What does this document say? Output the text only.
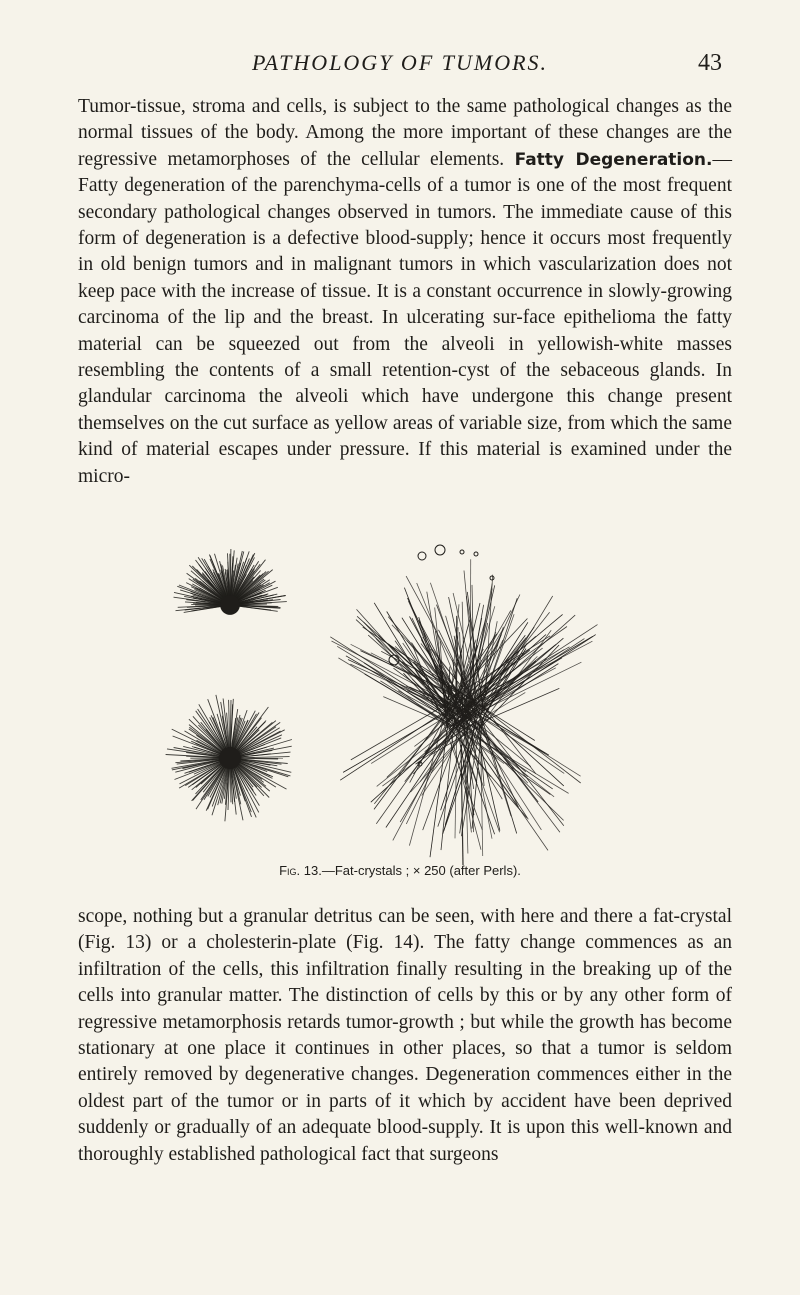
PATHOLOGY OF TUMORS.	43

Tumor-tissue, stroma and cells, is subject to the same pathological changes as the normal tissues of the body. Among the more important of these changes are the regressive metamorphoses of the cellular elements. Fatty Degeneration.—Fatty degeneration of the parenchyma-cells of a tumor is one of the most frequent secondary pathological changes observed in tumors. The immediate cause of this form of degeneration is a defective blood-supply; hence it occurs most frequently in old benign tumors and in malignant tumors in which vascularization does not keep pace with the increase of tissue. It is a constant occurrence in slowly-growing carcinoma of the lip and the breast. In ulcerating sur-face epithelioma the fatty material can be squeezed out from the alveoli in yellowish-white masses resembling the contents of a small retention-cyst of the sebaceous glands. In glandular carcinoma the alveoli which have undergone this change present themselves on the cut surface as yellow areas of variable size, from which the same kind of material escapes under pressure. If this material is examined under the micro-

Fig. 13.—Fat-crystals ; × 250 (after Perls).

scope, nothing but a granular detritus can be seen, with here and there a fat-crystal (Fig. 13) or a cholesterin-plate (Fig. 14). The fatty change commences as an infiltration of the cells, this infiltration finally resulting in the breaking up of the cells into granular matter. The distinction of cells by this or by any other form of regressive metamorphosis retards tumor-growth ; but while the growth has become stationary at one place it continues in other places, so that a tumor is seldom entirely removed by degenerative changes. Degeneration commences either in the oldest part of the tumor or in parts of it which by accident have been deprived suddenly or gradually of an adequate blood-supply. It is upon this well-known and thoroughly established pathological fact that surgeons
